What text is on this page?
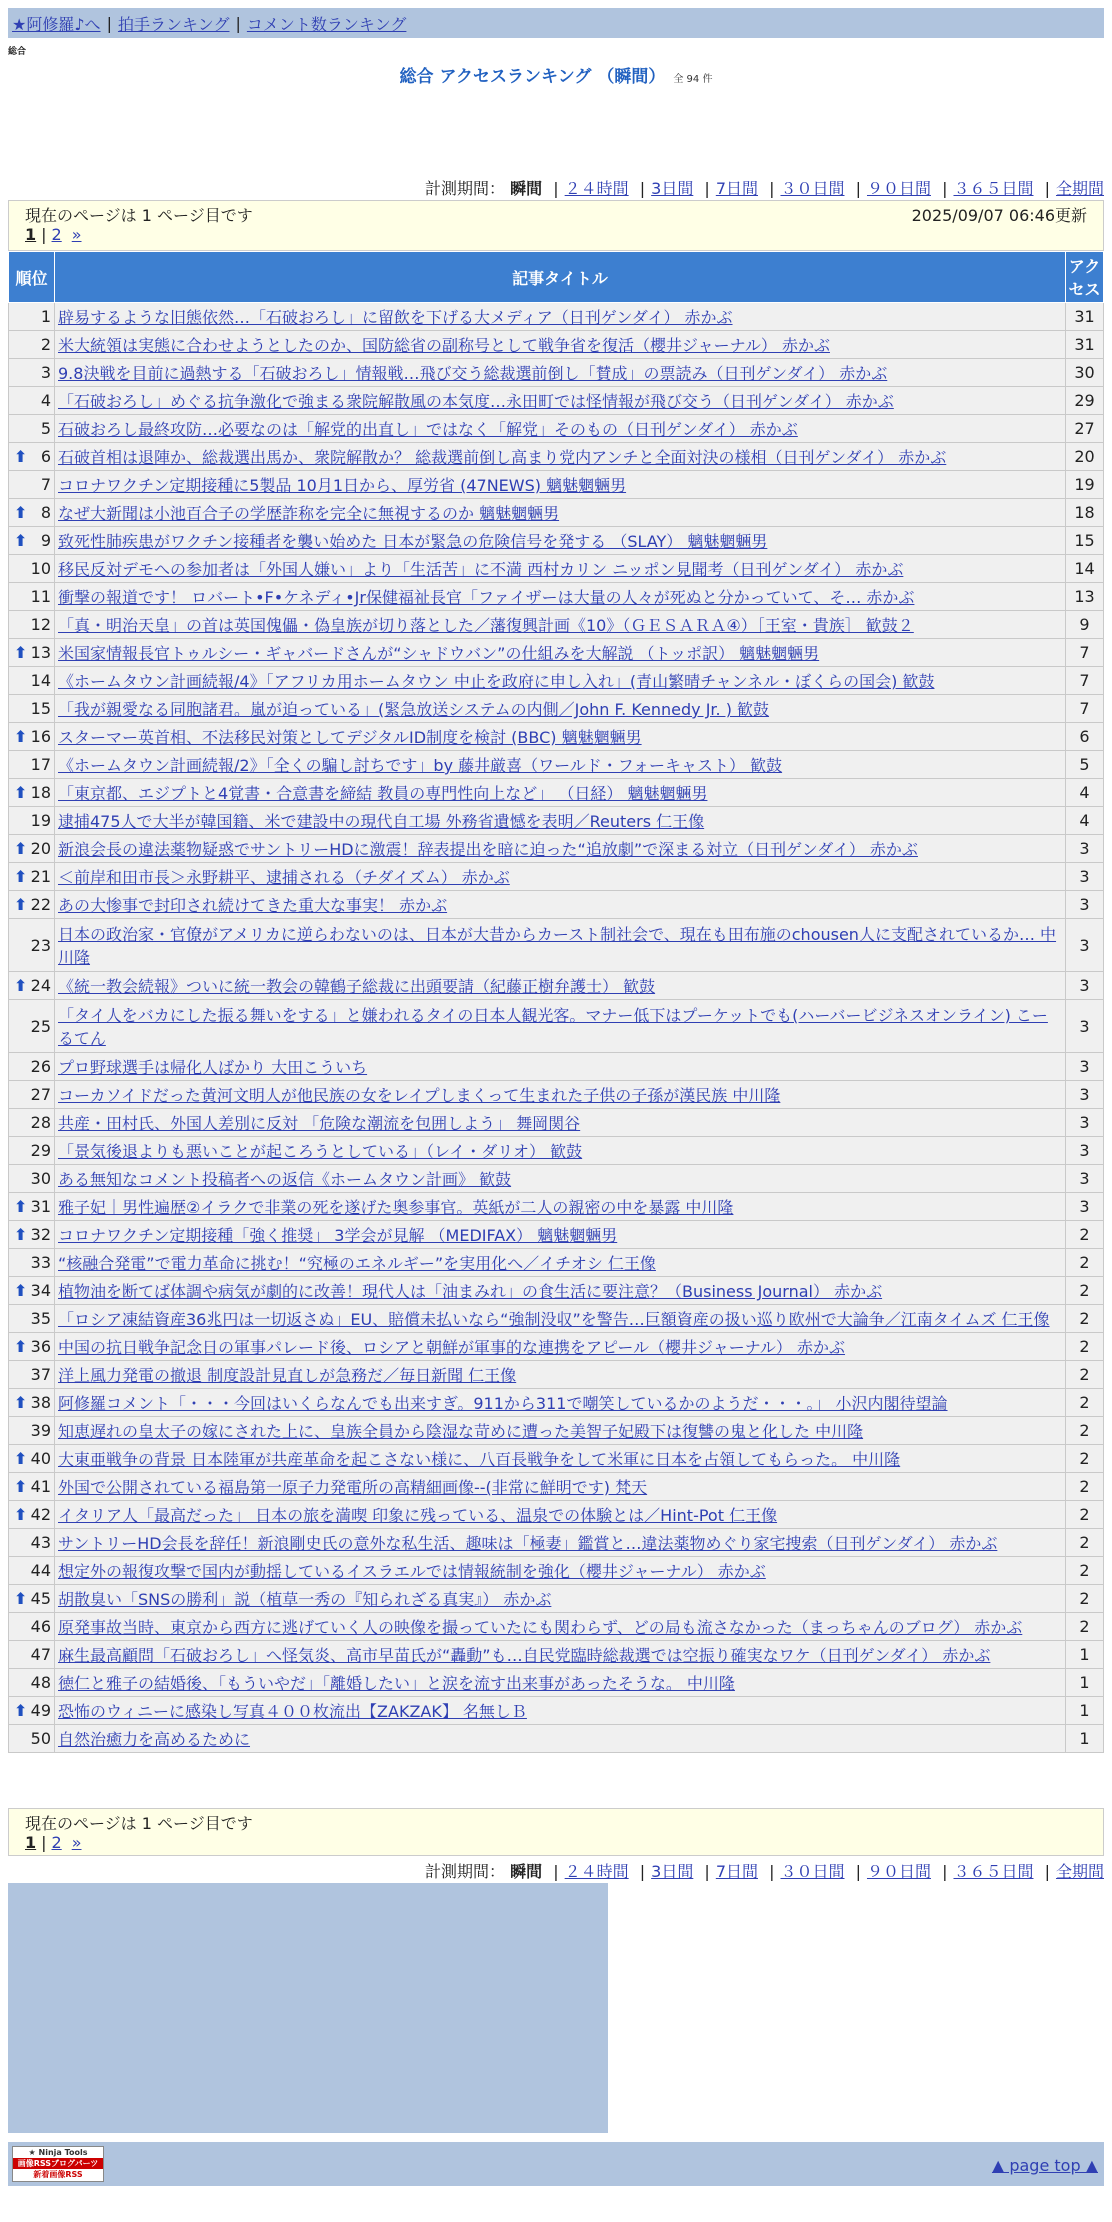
★阿修羅♪へ | 拍手ランキング | コメント数ランキング
総合
総合 アクセスランキング （瞬間） 全 94 件
計測期間： 瞬間 | ２４時間 | 3日間 | 7日間 | ３０日間 | ９０日間 | ３６５日間 | 全期間
現在のページは 1 ページ目です	2025/09/07 06:46更新
1 | 2 »
順位	記事タイトル	アクセス
1	辟易するような旧態依然…「石破おろし」に留飲を下げる大メディア（日刊ゲンダイ） 赤かぶ	31
2	米大統領は実態に合わせようとしたのか、国防総省の副称号として戦争省を復活（櫻井ジャーナル） 赤かぶ	31
3	9.8決戦を目前に過熱する「石破おろし」情報戦…飛び交う総裁選前倒し「賛成」の票読み（日刊ゲンダイ） 赤かぶ	30
4	「石破おろし」めぐる抗争激化で強まる衆院解散風の本気度…永田町では怪情報が飛び交う（日刊ゲンダイ） 赤かぶ	29
5	石破おろし最終攻防…必要なのは「解党的出直し」ではなく「解党」そのもの（日刊ゲンダイ） 赤かぶ	27

⬆ 6	石破首相は退陣か、総裁選出馬か、衆院解散か？ 総裁選前倒し高まり党内アンチと全面対決の様相（日刊ゲンダイ） 赤かぶ	20
7	コロナワクチン定期接種に5製品 10月1日から、厚労省 (47NEWS) 魑魅魍魎男	19

⬆ 8	なぜ大新聞は小池百合子の学歴詐称を完全に無視するのか 魑魅魍魎男	18

⬆ 9	致死性肺疾患がワクチン接種者を襲い始めた 日本が緊急の危険信号を発する （SLAY） 魑魅魍魎男	15
10	移民反対デモへの参加者は「外国人嫌い」より「生活苦」に不満 西村カリン ニッポン見聞考（日刊ゲンダイ） 赤かぶ	14
11	衝撃の報道です！ ロバート•F•ケネディ•Jr保健福祉長官「ファイザーは大量の人々が死ぬと分かっていて、そ… 赤かぶ	13
12	「真・明治天皇」の首は英国傀儡・偽皇族が切り落とした／藩復興計画《10》（ＧＥＳＡＲＡ④）［王室・貴族］ 歓鼓２	9

⬆ 13	米国家情報長官トゥルシー・ギャバードさんが“シャドウバン”の仕組みを大解説 （トッポ訳） 魑魅魍魎男	7
14	《ホームタウン計画続報/4》「アフリカ用ホームタウン 中止を政府に申し入れ」(青山繁晴チャンネル・ぼくらの国会) 歓鼓	7
15	「我が親愛なる同胞諸君。嵐が迫っている」(緊急放送システムの内側／John F. Kennedy Jr. ) 歓鼓	7

⬆ 16	スターマー英首相、不法移民対策としてデジタルID制度を検討 (BBC) 魑魅魍魎男	6
17	《ホームタウン計画続報/2》「全くの騙し討ちです」by 藤井厳喜（ワールド・フォーキャスト） 歓鼓	5

⬆ 18	「東京都、エジプトと4覚書・合意書を締結 教員の専門性向上など」 （日経） 魑魅魍魎男	4
19	逮捕475人で大半が韓国籍、米で建設中の現代自工場 外務省遺憾を表明／Reuters 仁王像	4

⬆ 20	新浪会長の違法薬物疑惑でサントリーHDに激震！辞表提出を暗に迫った“追放劇”で深まる対立（日刊ゲンダイ） 赤かぶ	3

⬆ 21	＜前岸和田市長＞永野耕平、逮捕される（チダイズム） 赤かぶ	3

⬆ 22	あの大惨事で封印され続けてきた重大な事実！ 赤かぶ	3
23	日本の政治家・官僚がアメリカに逆らわないのは、日本が大昔からカースト制社会で、現在も田布施のchousen人に支配されているか… 中川隆	3

⬆ 24	《統一教会続報》ついに統一教会の韓鶴子総裁に出頭要請（紀藤正樹弁護士） 歓鼓	3
25	「タイ人をバカにした振る舞いをする」と嫌われるタイの日本人観光客。マナー低下はプーケットでも(ハーバービジネスオンライン) こーるてん	3
26	プロ野球選手は帰化人ばかり 大田こういち	3
27	コーカソイドだった黄河文明人が他民族の女をレイプしまくって生まれた子供の子孫が漢民族 中川隆	3
28	共産・田村氏、外国人差別に反対 「危険な潮流を包囲しよう」 舞岡関谷	3
29	「景気後退よりも悪いことが起ころうとしている」（レイ・ダリオ） 歓鼓	3
30	ある無知なコメント投稿者への返信《ホームタウン計画》 歓鼓	3

⬆ 31	雅子妃｜男性遍歴②イラクで非業の死を遂げた奥参事官。英紙が二人の親密の中を暴露 中川隆	3

⬆ 32	コロナワクチン定期接種「強く推奨」 3学会が見解 （MEDIFAX） 魑魅魍魎男	2
33	“核融合発電”で電力革命に挑む！“究極のエネルギー”を実用化へ／イチオシ 仁王像	2

⬆ 34	植物油を断てば体調や病気が劇的に改善！現代人は「油まみれ」の食生活に要注意？（Business Journal） 赤かぶ	2
35	「ロシア凍結資産36兆円は一切返さぬ」EU、賠償未払いなら“強制没収”を警告…巨額資産の扱い巡り欧州で大論争／江南タイムズ 仁王像	2

⬆ 36	中国の抗日戦争記念日の軍事パレード後、ロシアと朝鮮が軍事的な連携をアピール（櫻井ジャーナル） 赤かぶ	2
37	洋上風力発電の撤退 制度設計見直しが急務だ／毎日新聞 仁王像	2

⬆ 38	阿修羅コメント「・・・今回はいくらなんでも出来すぎ。911から311で嘲笑しているかのようだ・・・。」 小沢内閣待望論	2
39	知恵遅れの皇太子の嫁にされた上に、皇族全員から陰湿な苛めに遭った美智子妃殿下は復讐の鬼と化した 中川隆	2

⬆ 40	大東亜戦争の背景 日本陸軍が共産革命を起こさない様に、八百長戦争をして米軍に日本を占領してもらった。 中川隆	2

⬆ 41	外国で公開されている福島第一原子力発電所の高精細画像--(非常に鮮明です) 梵天	2

⬆ 42	イタリア人「最高だった」 日本の旅を満喫 印象に残っている、温泉での体験とは／Hint-Pot 仁王像	2
43	サントリーHD会長を辞任！新浪剛史氏の意外な私生活、趣味は「極妻」鑑賞と…違法薬物めぐり家宅捜索（日刊ゲンダイ） 赤かぶ	2
44	想定外の報復攻撃で国内が動揺しているイスラエルでは情報統制を強化（櫻井ジャーナル） 赤かぶ	2

⬆ 45	胡散臭い「SNSの勝利」説（植草一秀の『知られざる真実』） 赤かぶ	2
46	原発事故当時、東京から西方に逃げていく人の映像を撮っていたにも関わらず、どの局も流さなかった（まっちゃんのブログ） 赤かぶ	2
47	麻生最高顧問「石破おろし」へ怪気炎、高市早苗氏が“轟動”も…自民党臨時総裁選では空振り確実なワケ（日刊ゲンダイ） 赤かぶ	1
48	徳仁と雅子の結婚後、「もういやだ」「離婚したい」と涙を流す出来事があったそうな。 中川隆	1

⬆ 49	恐怖のウィニーに感染し写真４００枚流出【ZAKZAK】 名無しＢ	1
50	自然治癒力を高めるために	1
現在のページは 1 ページ目です
1 | 2 »
計測期間： 瞬間 | ２４時間 | 3日間 | 7日間 | ３０日間 | ９０日間 | ３６５日間 | 全期間
★ Ninja Tools
画像RSSブログパーツ
新着画像RSS	▲ page top ▲
